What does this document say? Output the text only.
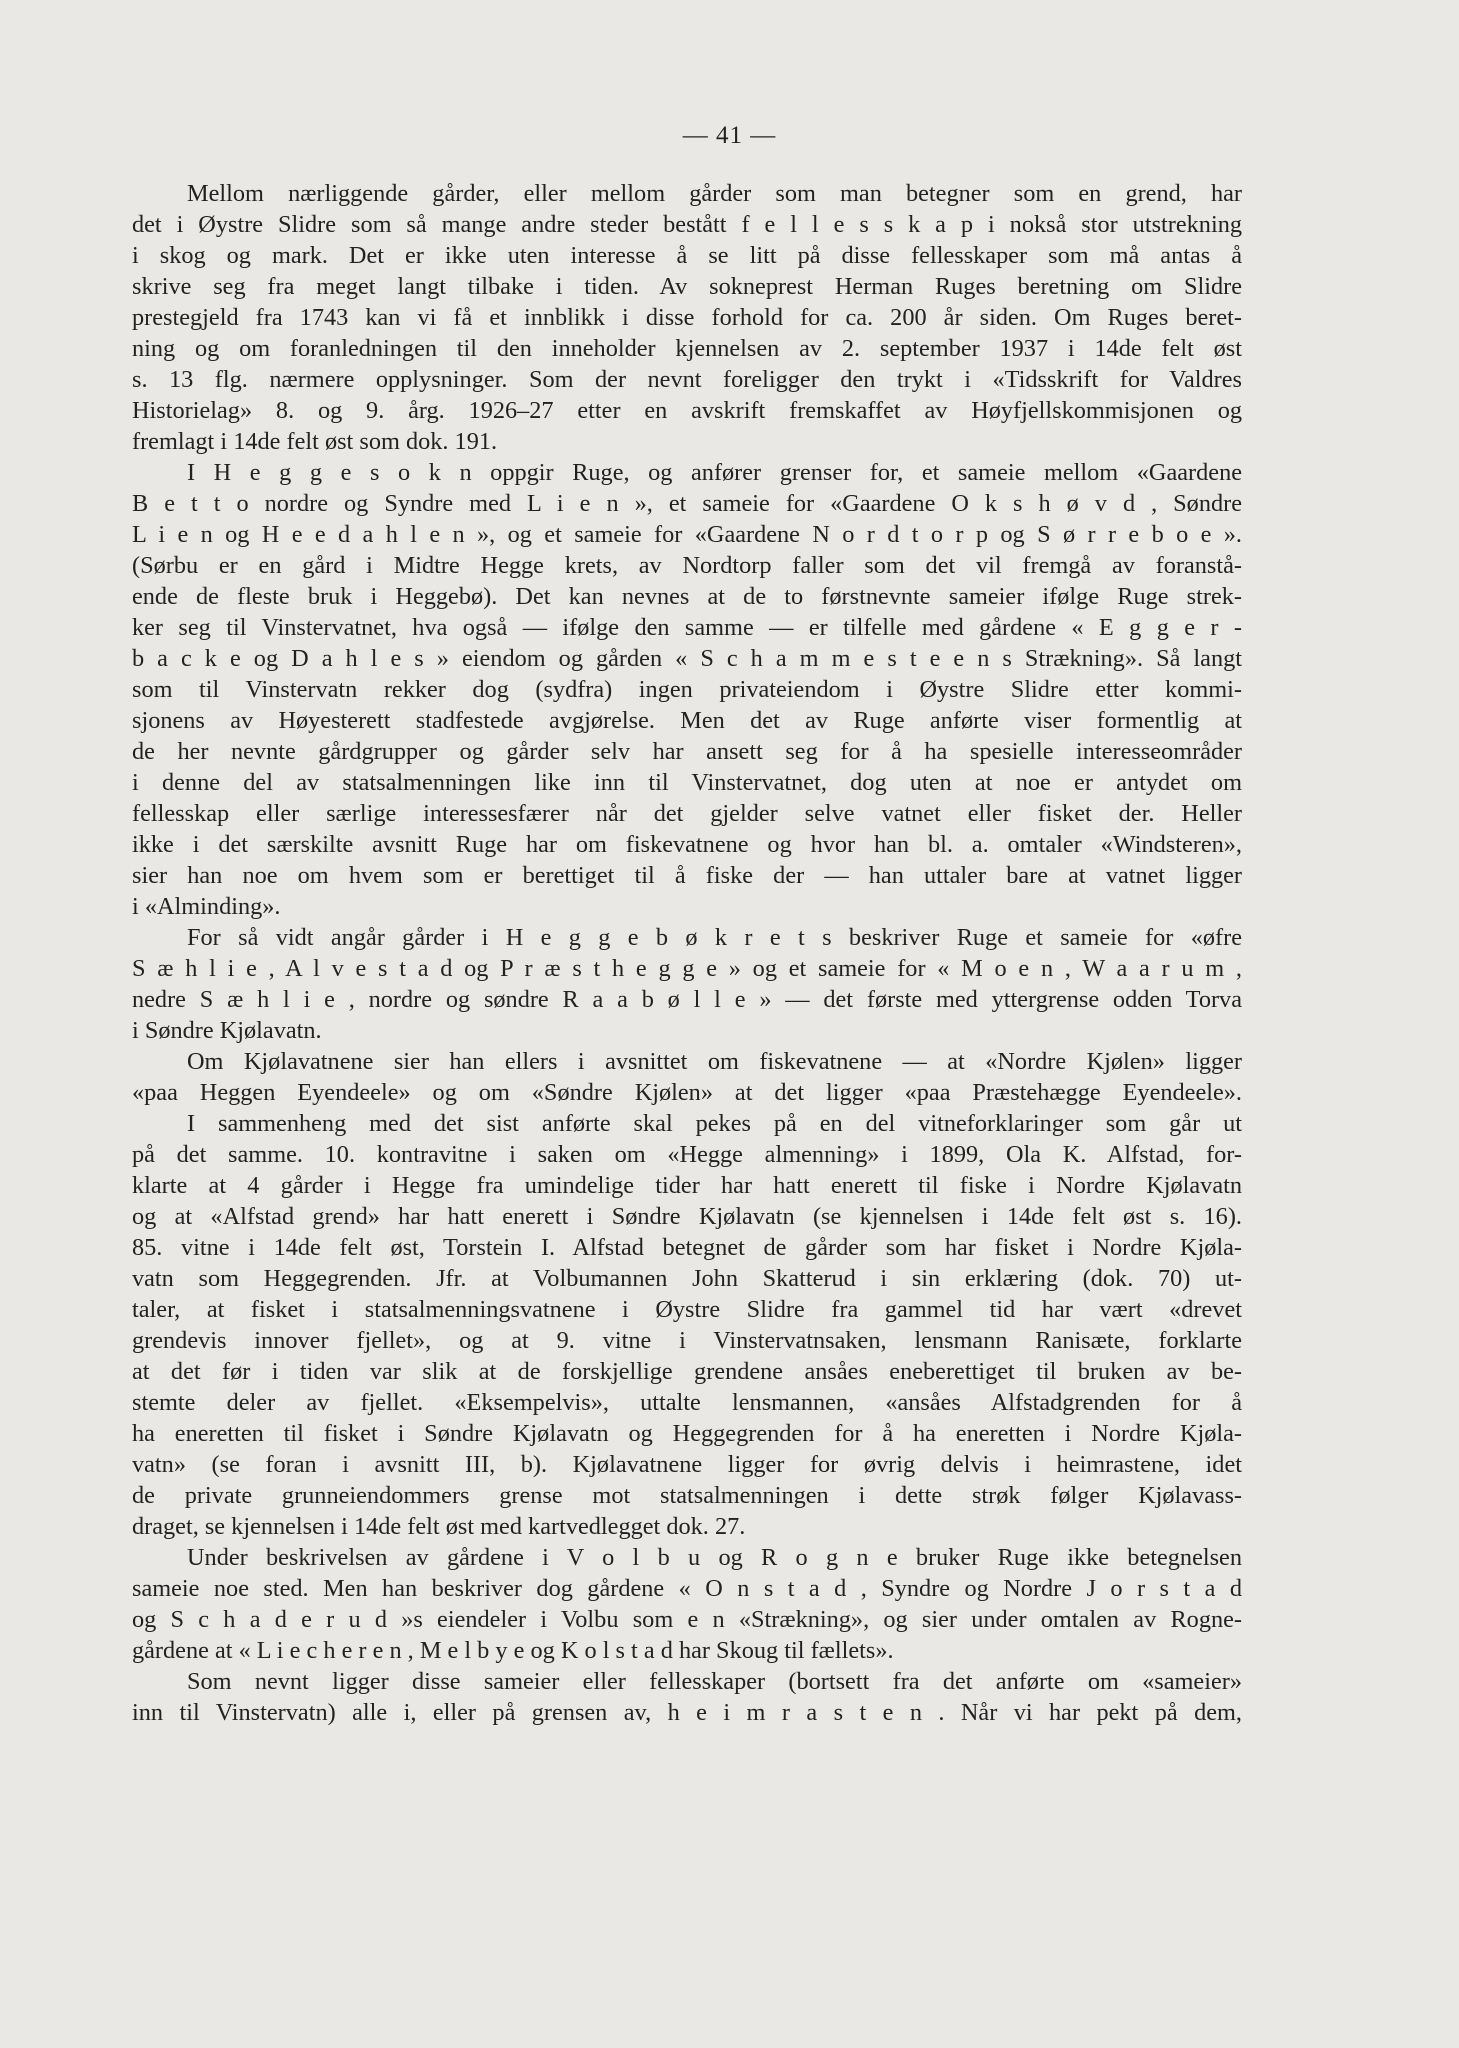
— 41 —
Mellom nærliggende gårder, eller mellom gårder som man betegner som en grend, har
det i Øystre Slidre som så mange andre steder bestått f e l l e s s k a p i nokså stor utstrekning
i skog og mark. Det er ikke uten interesse å se litt på disse fellesskaper som må antas å
skrive seg fra meget langt tilbake i tiden. Av sokneprest Herman Ruges beretning om Slidre
prestegjeld fra 1743 kan vi få et innblikk i disse forhold for ca. 200 år siden. Om Ruges beret-
ning og om foranledningen til den inneholder kjennelsen av 2. september 1937 i 14de felt øst
s. 13 flg. nærmere opplysninger. Som der nevnt foreligger den trykt i «Tidsskrift for Valdres
Historielag» 8. og 9. årg. 1926–27 etter en avskrift fremskaffet av Høyfjellskommisjonen og
fremlagt i 14de felt øst som dok. 191.
I H e g g e s o k n oppgir Ruge, og anfører grenser for, et sameie mellom «Gaardene
B e t t o nordre og Syndre med L i e n », et sameie for «Gaardene O k s h ø v d , Søndre
L i e n og H e e d a h l e n », og et sameie for «Gaardene N o r d t o r p og S ø r r e b o e ».
(Sørbu er en gård i Midtre Hegge krets, av Nordtorp faller som det vil fremgå av foranstå-
ende de fleste bruk i Heggebø). Det kan nevnes at de to førstnevnte sameier ifølge Ruge strek-
ker seg til Vinstervatnet, hva også — ifølge den samme — er tilfelle med gårdene « E g g e r -
b a c k e og D a h l e s » eiendom og gården « S c h a m m e s t e e n s Strækning». Så langt
som til Vinstervatn rekker dog (sydfra) ingen privateiendom i Øystre Slidre etter kommi-
sjonens av Høyesterett stadfestede avgjørelse. Men det av Ruge anførte viser formentlig at
de her nevnte gårdgrupper og gårder selv har ansett seg for å ha spesielle interesseområder
i denne del av statsalmenningen like inn til Vinstervatnet, dog uten at noe er antydet om
fellesskap eller særlige interessesfærer når det gjelder selve vatnet eller fisket der. Heller
ikke i det særskilte avsnitt Ruge har om fiskevatnene og hvor han bl. a. omtaler «Windsteren»,
sier han noe om hvem som er berettiget til å fiske der — han uttaler bare at vatnet ligger
i «Alminding».
For så vidt angår gårder i H e g g e b ø k r e t s beskriver Ruge et sameie for «øfre
S æ h l i e , A l v e s t a d og P r æ s t h e g g e » og et sameie for « M o e n , W a a r u m ,
nedre S æ h l i e , nordre og søndre R a a b ø l l e » — det første med yttergrense odden Torva
i Søndre Kjølavatn.
Om Kjølavatnene sier han ellers i avsnittet om fiskevatnene — at «Nordre Kjølen» ligger
«paa Heggen Eyendeele» og om «Søndre Kjølen» at det ligger «paa Præstehægge Eyendeele».
I sammenheng med det sist anførte skal pekes på en del vitneforklaringer som går ut
på det samme. 10. kontravitne i saken om «Hegge almenning» i 1899, Ola K. Alfstad, for-
klarte at 4 gårder i Hegge fra umindelige tider har hatt enerett til fiske i Nordre Kjølavatn
og at «Alfstad grend» har hatt enerett i Søndre Kjølavatn (se kjennelsen i 14de felt øst s. 16).
85. vitne i 14de felt øst, Torstein I. Alfstad betegnet de gårder som har fisket i Nordre Kjøla-
vatn som Heggegrenden. Jfr. at Volbumannen John Skatterud i sin erklæring (dok. 70) ut-
taler, at fisket i statsalmenningsvatnene i Øystre Slidre fra gammel tid har vært «drevet
grendevis innover fjellet», og at 9. vitne i Vinstervatnsaken, lensmann Ranisæte, forklarte
at det før i tiden var slik at de forskjellige grendene ansåes eneberettiget til bruken av be-
stemte deler av fjellet. «Eksempelvis», uttalte lensmannen, «ansåes Alfstadgrenden for å
ha eneretten til fisket i Søndre Kjølavatn og Heggegrenden for å ha eneretten i Nordre Kjøla-
vatn» (se foran i avsnitt III, b). Kjølavatnene ligger for øvrig delvis i heimrastene, idet
de private grunneiendommers grense mot statsalmenningen i dette strøk følger Kjølavass-
draget, se kjennelsen i 14de felt øst med kartvedlegget dok. 27.
Under beskrivelsen av gårdene i V o l b u og R o g n e bruker Ruge ikke betegnelsen
sameie noe sted. Men han beskriver dog gårdene « O n s t a d , Syndre og Nordre J o r s t a d
og S c h a d e r u d »s eiendeler i Volbu som e n «Strækning», og sier under omtalen av Rogne-
gårdene at « L i e c h e r e n , M e l b y e og K o l s t a d har Skoug til fællets».
Som nevnt ligger disse sameier eller fellesskaper (bortsett fra det anførte om «sameier»
inn til Vinstervatn) alle i, eller på grensen av, h e i m r a s t e n . Når vi har pekt på dem,
